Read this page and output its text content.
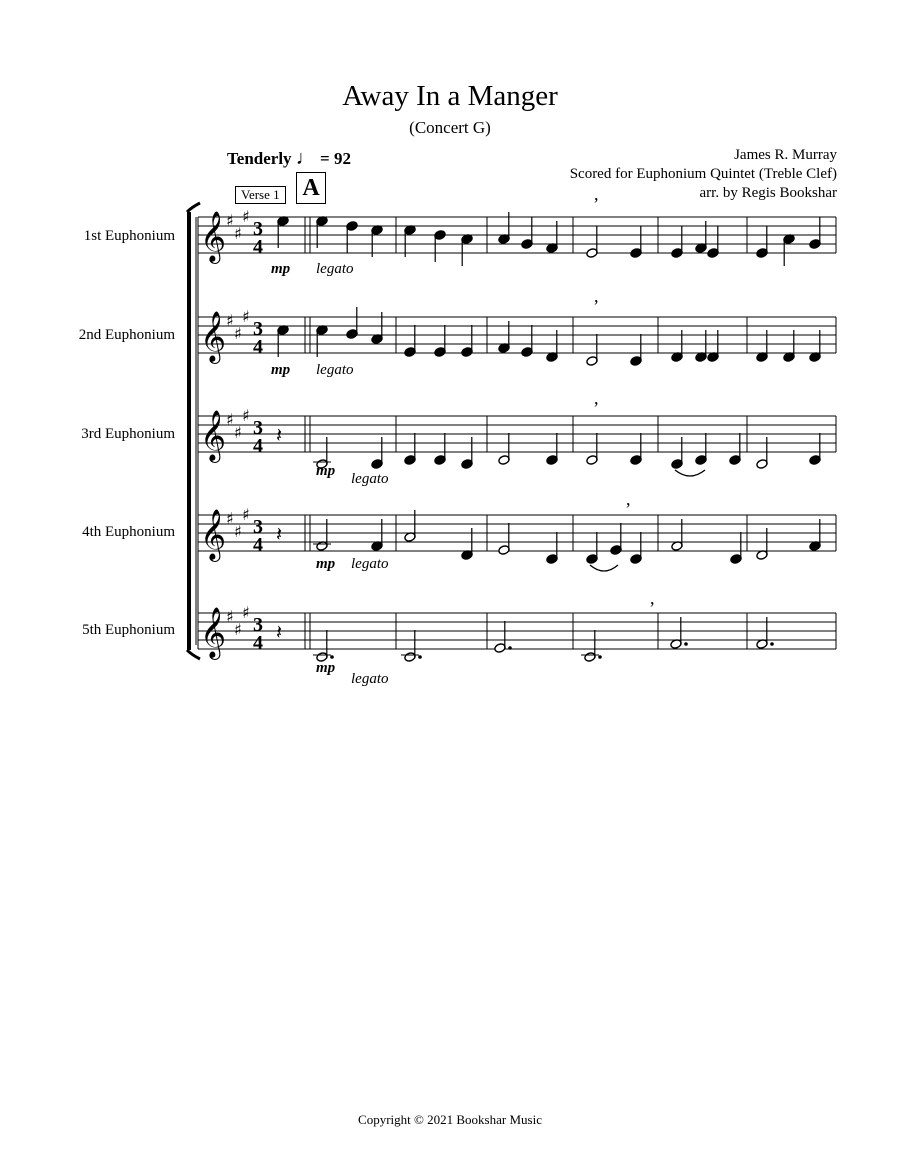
Away In a Manger
(Concert G)
James R. Murray
Scored for Euphonium Quintet (Treble Clef)
arr. by Regis Bookshar
Tenderly ♩ = 92
Verse 1 A
1st Euphonium
2nd Euphonium
3rd Euphonium
4th Euphonium
5th Euphonium
𝄞 ♯
♯
♯
3
4
𝄞 ♯
♯
♯
3
4
𝄞 ♯
♯
♯
3
4
𝄞 ♯
♯
♯
3
4
𝄞 ♯
♯
♯
3
4
𝄽
𝄽
𝄽
,
,
,
,
,
mp legato
mp legato
mp legato
mp legato
mp
legato
Copyright © 2021 Bookshar Music
